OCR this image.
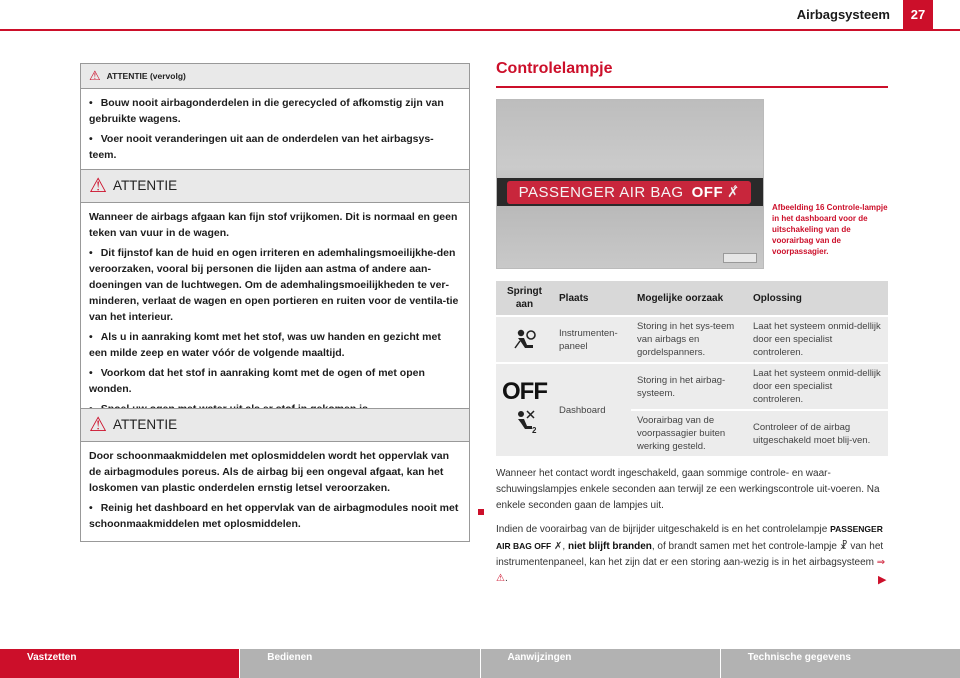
Airbagsysteem	27
⚠ ATTENTIE (vervolg)

• Bouw nooit airbagonderdelen in die gerecycled of afkomstig zijn van gebruikte wagens.

• Voer nooit veranderingen uit aan de onderdelen van het airbagsys-teem.

⚠ ATTENTIE

Wanneer de airbags afgaan kan fijn stof vrijkomen. Dit is normaal en geen teken van vuur in de wagen.

• Dit fijnstof kan de huid en ogen irriteren en ademhalingsmoeilijkhe-den veroorzaken, vooral bij personen die lijden aan astma of andere aan-doeningen van de luchtwegen. Om de ademhalingsmoeilijkheden te ver-minderen, verlaat de wagen en open portieren en ruiten voor de ventila-tie van het interieur.

• Als u in aanraking komt met het stof, was uw handen en gezicht met een milde zeep en water vóór de volgende maaltijd.

• Voorkom dat het stof in aanraking komt met de ogen of met open wonden.

•

⚠ ATTENTIE

Door schoonmaakmiddelen met oplosmiddelen wordt het oppervlak van de airbagmodules poreus. Als de airbag bij een ongeval afgaat, kan het loskomen van plastic onderdelen ernstig letsel veroorzaken.

• Reinig het dashboard en het oppervlak van de airbagmodules nooit met schoonmaakmiddelen met oplosmiddelen.

Controlelampje
PASSENGER AIR BAG OFF ✗̂
Afbeelding 16 Controle-lampje in het dashboard voor de uitschakeling van de voorairbag van de voorpassagier.
Springt aan	Plaats	Mogelijke oorzaak	Oplossing
	Instrumenten-paneel	Storing in het sys-teem van airbags en gordelspanners.	Laat het systeem onmid-dellijk door een specialist controleren.

OFF
2	Dashboard	Storing in het airbag-systeem.	Laat het systeem onmid-dellijk door een specialist controleren.
		Voorairbag van de voorpassagier buiten werking gesteld.	Controleer of de airbag uitgeschakeld moet blij-ven.

Wanneer het contact wordt ingeschakeld, gaan sommige controle- en waar-schuwingslampjes enkele seconden aan terwijl ze een werkingscontrole uit-voeren. Na enkele seconden gaan de lampjes uit.

Indien de voorairbag van de bijrijder uitgeschakeld is en het controlelampje PASSENGER AIR BAG OFF ✗, niet blijft branden, of brandt samen met het controle-lampje ☧ van het instrumentenpaneel, kan het zijn dat er een storing aan-wezig is in het airbagsysteem ⇒ ⚠.	▶
Vastzetten	Bedienen	Aanwijzingen	Technische gegevens
